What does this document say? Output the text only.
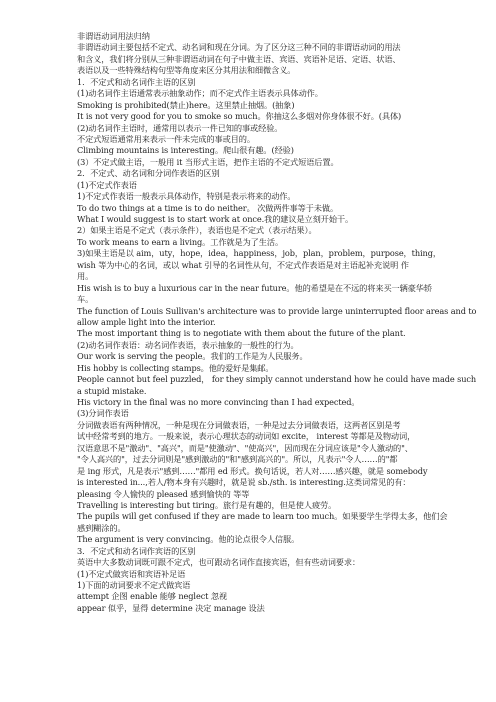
非谓语动词用法归纳
非谓语动词主要包括不定式、动名词和现在分词。为了区分这三种不同的非谓语动词的用法
和含义，我们将分别从三种非谓语动词在句子中做主语、宾语、宾语补足语、定语、状语、
表语以及一些特殊结构句型等角度来区分其用法和细微含义。
1．不定式和动名词作主语的区别
(1)动名词作主语通常表示抽象动作；而不定式作主语表示具体动作。
Smoking is prohibited(禁止)here。这里禁止抽烟。(抽象)
It is not very good for you to smoke so much。你抽这么多烟对你身体很不好。(具体)
(2)动名词作主语时，通常用以表示一件已知的事或经验。
不定式短语通常用来表示一件未完成的事或目的。
Climbing mountains is interesting。爬山很有趣。(经验)
(3）不定式做主语，一般用 it 当形式主语，把作主语的不定式短语后置。
2．不定式、动名词和分词作表语的区别
(1)不定式作表语
1)不定式作表语一般表示具体动作，特别是表示将来的动作。
To do two things at a time is to do neither。 次做两件事等于未做。
What I would suggest is to start work at once.我的建议是立刻开始干。
2）如果主语是不定式（表示条件），表语也是不定式（表示结果）。
To work means to earn a living。工作就是为了生活。
3)如果主语是以 aim，uty，hope，idea，happiness，job，plan，problem，purpose，thing，
wish 等为中心的名词，或以 what 引导的名词性从句，不定式作表语是对主语起补充说明 作
用。
His wish is to buy a luxurious car in the near future。他的希望是在不远的将来买一辆豪华轿
车。
The function of Louis Sullivan's architecture was to provide large uninterrupted floor areas and to
allow ample light into the interior.
The most important thing is to negotiate with them about the future of the plant.
(2)动名词作表语：动名词作表语，表示抽象的一般性的行为。
Our work is serving the people。我们的工作是为人民服务。
His hobby is collecting stamps。他的爱好是集邮。
People cannot but feel puzzled， for they simply cannot understand how he could have made such
a stupid mistake.
His victory in the final was no more convincing than I had expected。
(3)分词作表语
分词做表语有两种情况，一种是现在分词做表语，一种是过去分词做表语，这两者区别是考
试中经常考到的地方。一般来说，表示心理状态的动词如 excite， interest 等都是及物动词，
汉语意思不是"激动"、"高兴"，而是"使激动"、"使高兴"，因而现在分词应该是"令人激动的"、
"令人高兴的"，过去分词则是"感到激动的"和"感到高兴的"。所以，凡表示"令人……的"都
是 ing 形式，凡是表示"感到……"都用 ed 形式。换句话说，若人对……感兴趣，就是 somebody
is interested in...,若人/物本身有兴趣时，就是说 sb./sth. is interesting.这类词常见的有：
pleasing 令人愉快的 pleased 感到愉快的 等等
Travelling is interesting but tiring。旅行是有趣的，但是使人疲劳。
The pupils will get confused if they are made to learn too much。如果要学生学得太多，他们会
感到糊涂的。
The argument is very convincing。他的论点很令人信服。
3．不定式和动名词作宾语的区别
英语中大多数动词既可跟不定式，也可跟动名词作直接宾语，但有些动词要求：
(1)不定式做宾语和宾语补足语
1)下面的动词要求不定式做宾语
attempt 企图 enable 能够 neglect 忽视
appear 似乎，显得 determine 决定 manage 设法
